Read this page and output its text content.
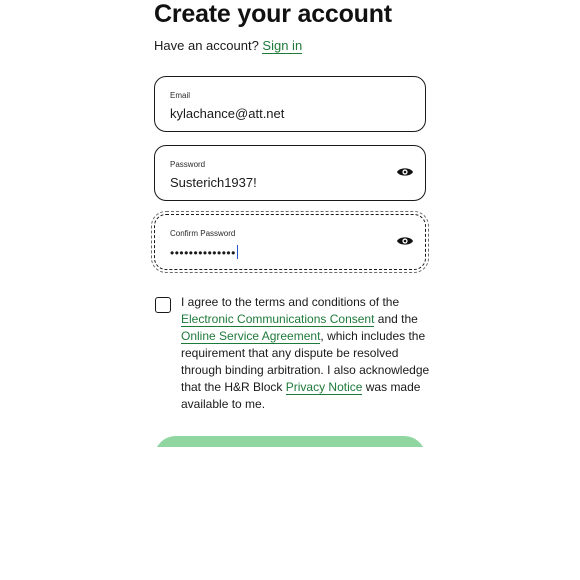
Create your account
Have an account? Sign in
Email
kylachance@att.net
Password
Susterich1937!
Confirm Password
••••••••••••••
I agree to the terms and conditions of the Electronic Communications Consent and the Online Service Agreement, which includes the requirement that any dispute be resolved through binding arbitration. I also acknowledge that the H&R Block Privacy Notice was made available to me.
